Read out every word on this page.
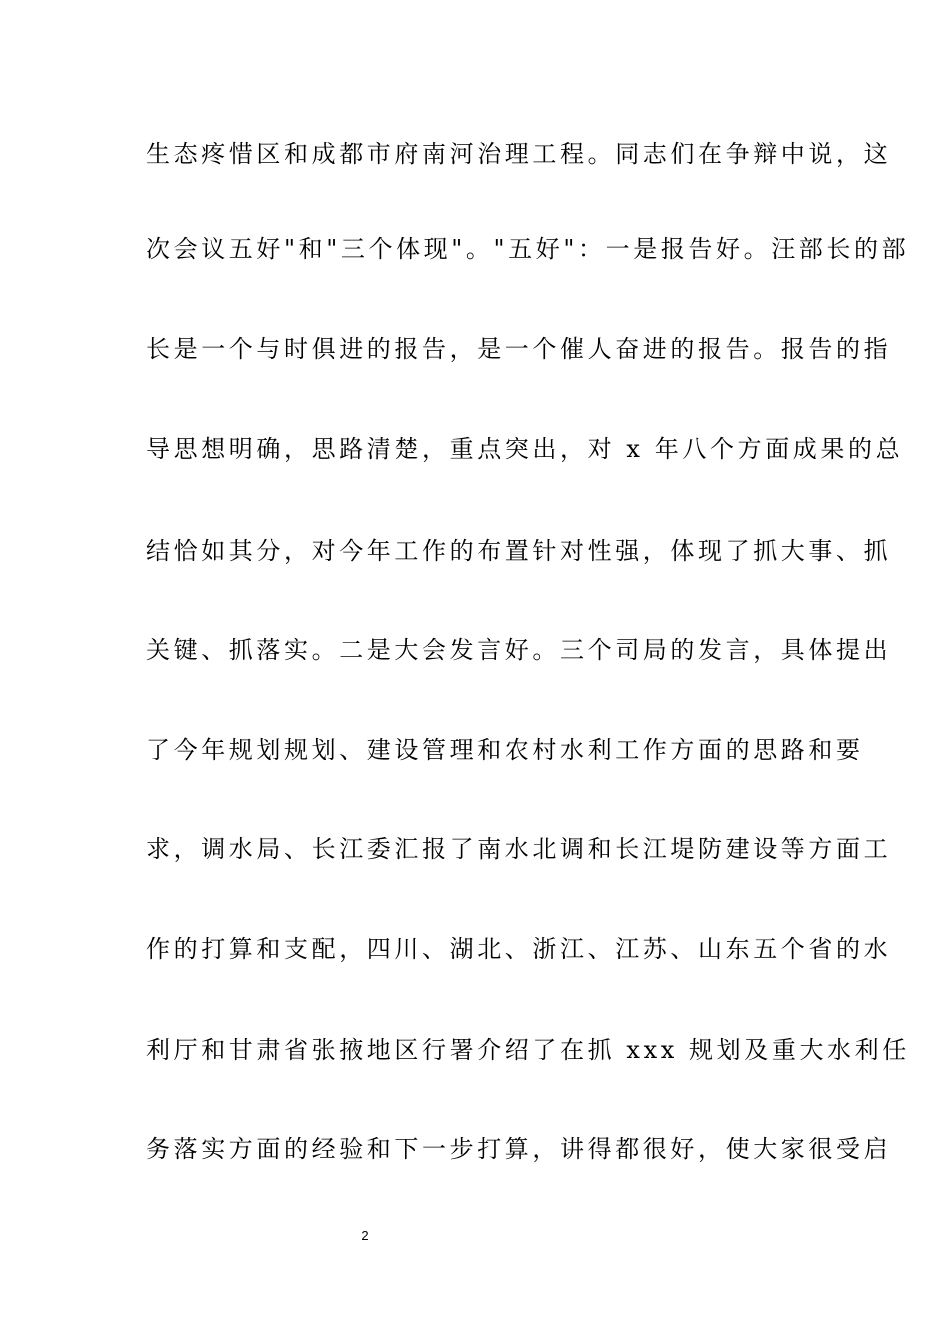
生态疼惜区和成都市府南河治理工程。同志们在争辩中说，这
次会议五好"和"三个体现"。"五好"：一是报告好。汪部长的部
长是一个与时俱进的报告，是一个催人奋进的报告。报告的指
导思想明确，思路清楚，重点突出，对 x 年八个方面成果的总
结恰如其分，对今年工作的布置针对性强，体现了抓大事、抓
关键、抓落实。二是大会发言好。三个司局的发言，具体提出
了今年规划规划、建设管理和农村水利工作方面的思路和要
求，调水局、长江委汇报了南水北调和长江堤防建设等方面工
作的打算和支配，四川、湖北、浙江、江苏、山东五个省的水
利厅和甘肃省张掖地区行署介绍了在抓 xxx 规划及重大水利任
务落实方面的经验和下一步打算，讲得都很好，使大家很受启
2
